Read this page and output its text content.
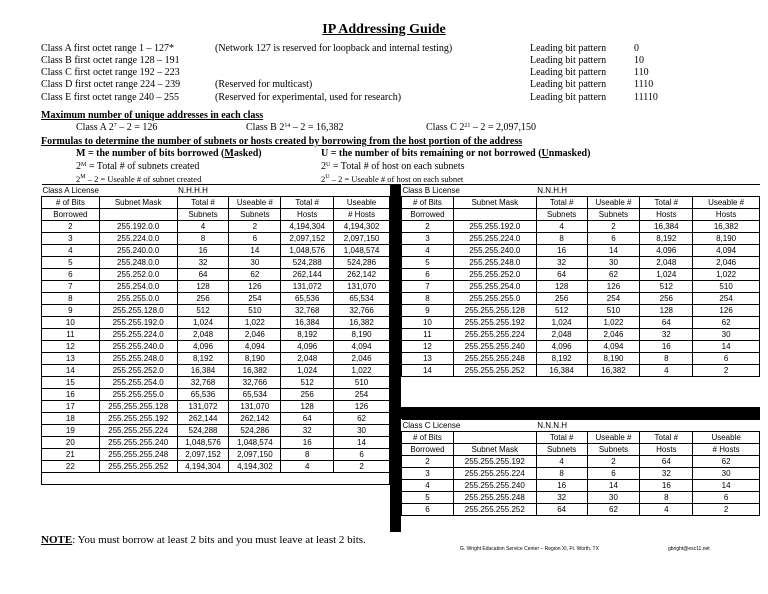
IP Addressing Guide
Class A first octet range 1 – 127*	(Network 127 is reserved for loopback and internal testing)	Leading bit pattern	0
Class B first octet range 128 – 191	Leading bit pattern	10
Class C first octet range 192 – 223	Leading bit pattern	110
Class D first octet range 224 – 239	(Reserved for multicast)	Leading bit pattern	1110
Class E first octet range 240 – 255	(Reserved for experimental, used for research)	Leading bit pattern	11110
Maximum number of unique addresses in each class
Class A $2^7 - 2 = 126$	Class B $2^{14} - 2 = 16,382$	Class C $2^{21} - 2 = 2,097,150$
Formulas to determine the number of subnets or hosts created by borrowing from the host portion of the address
M = the number of bits borrowed (Masked)	U = the number of bits remaining or not borrowed (Unmasked)
$2^M$ = Total # of subnets created	$2^U$ = Total # of host on each subnets
$2^M - 2$ = Useable # of subnet created	$2^U - 2$ = Useable # of host on each subnet
Class A License		N.H.H.H			
# of Bits	Subnet Mask	Total #	Useable #	Total #	Useable
Borrowed		Subnets	Subnets	Hosts	# Hosts
2	255.192.0.0	4	2	4,194,304	4,194,302
3	255.224.0.0	8	6	2,097,152	2,097,150
4	255.240.0.0	16	14	1,048,576	1,048,574
5	255.248.0.0	32	30	524,288	524,286
6	255.252.0.0	64	62	262,144	262,142
7	255.254.0.0	128	126	131,072	131,070
8	255.255.0.0	256	254	65,536	65,534
9	255.255.128.0	512	510	32,768	32,766
10	255.255.192.0	1,024	1,022	16,384	16,382
11	255.255.224.0	2,048	2,046	8,192	8,190
12	255.255.240.0	4,096	4,094	4,096	4,094
13	255.255.248.0	8,192	8,190	2,048	2,046
14	255.255.252.0	16,384	16,382	1,024	1,022
15	255.255.254.0	32,768	32,766	512	510
16	255.255.255.0	65,536	65,534	256	254
17	255.255.255.128	131,072	131,070	128	126
18	255.255.255.192	262,144	262,142	64	62
19	255.255.255.224	524,288	524,286	32	30
20	255.255.255.240	1,048,576	1,048,574	16	14
21	255.255.255.248	2,097,152	2,097,150	8	6
22	255.255.255.252	4,194,304	4,194,302	4	2

Class B License		N.N.H.H			
# of Bits	Subnet Mask	Total #	Useable #	Total #	Useable #
Borrowed		Subnets	Subnets	Hosts	Hosts
2	255.255.192.0	4	2	16,384	16,382
3	255.255.224.0	8	6	8,192	8,190
4	255.255.240.0	16	14	4,096	4,094
5	255.255.248.0	32	30	2,048	2,046
6	255.255.252.0	64	62	1,024	1,022
7	255.255.254.0	128	126	512	510
8	255.255.255.0	256	254	256	254
9	255.255.255.128	512	510	128	126
10	255.255.255.192	1,024	1,022	64	62
11	255.255.255.224	2,048	2,046	32	30
12	255.255.255.240	4,096	4,094	16	14
13	255.255.255.248	8,192	8,190	8	6
14	255.255.255.252	16,384	16,382	4	2
Class C License		N.N.N.H			
# of Bits		Total #	Useable #	Total #	Useable
Borrowed	Subnet Mask	Subnets	Subnets	Hosts	# Hosts
2	255.255.255.192	4	2	64	62
3	255.255.255.224	8	6	32	30
4	255.255.255.240	16	14	16	14
5	255.255.255.248	32	30	8	6
6	255.255.255.252	64	62	4	2
NOTE: You must borrow at least 2 bits and you must leave at least 2 bits.
G. Wright Education Service Center – Region XI, Ft. Worth, TX	gbright@esc11.net
